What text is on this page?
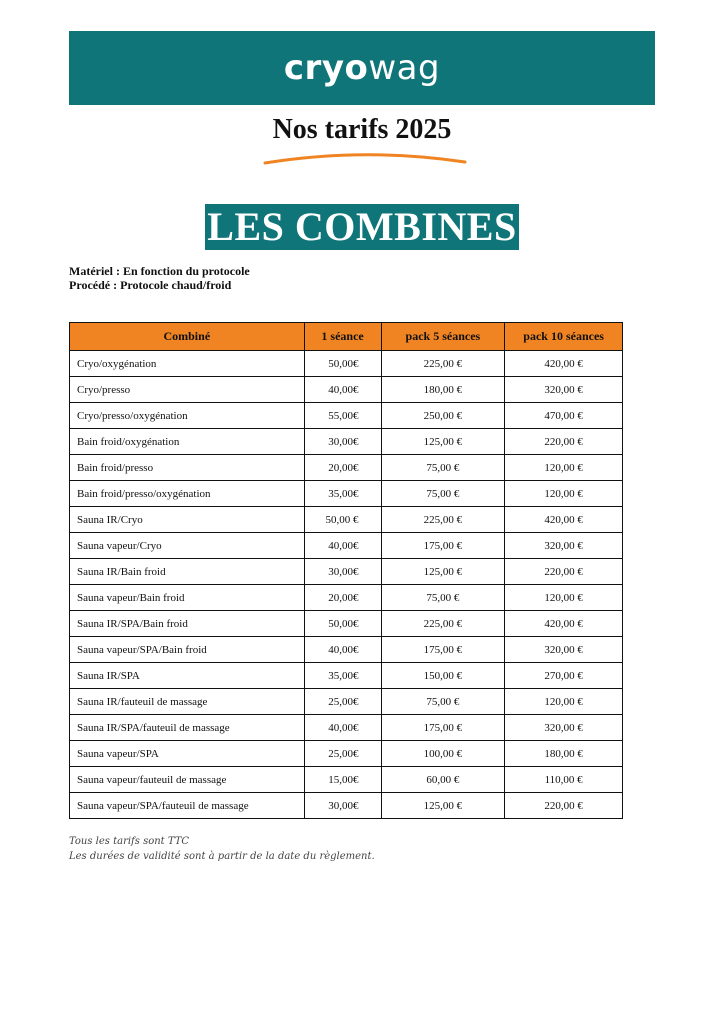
cryowag
Nos tarifs 2025
LES COMBINES
Matériel : En fonction du protocole
Procédé : Protocole chaud/froid
Combiné	1 séance	pack 5 séances	pack 10 séances
Cryo/oxygénation	50,00€	225,00 €	420,00 €
Cryo/presso	40,00€	180,00 €	320,00 €
Cryo/presso/oxygénation	55,00€	250,00 €	470,00 €
Bain froid/oxygénation	30,00€	125,00 €	220,00 €
Bain froid/presso	20,00€	75,00 €	120,00 €
Bain froid/presso/oxygénation	35,00€	75,00 €	120,00 €
Sauna IR/Cryo	50,00 €	225,00 €	420,00 €
Sauna vapeur/Cryo	40,00€	175,00 €	320,00 €
Sauna IR/Bain froid	30,00€	125,00 €	220,00 €
Sauna vapeur/Bain froid	20,00€	75,00 €	120,00 €
Sauna IR/SPA/Bain froid	50,00€	225,00 €	420,00 €
Sauna vapeur/SPA/Bain froid	40,00€	175,00 €	320,00 €
Sauna IR/SPA	35,00€	150,00 €	270,00 €
Sauna IR/fauteuil de massage	25,00€	75,00 €	120,00 €
Sauna IR/SPA/fauteuil de massage	40,00€	175,00 €	320,00 €
Sauna vapeur/SPA	25,00€	100,00 €	180,00 €
Sauna vapeur/fauteuil de massage	15,00€	60,00 €	110,00 €
Sauna vapeur/SPA/fauteuil de massage	30,00€	125,00 €	220,00 €
Tous les tarifs sont TTC
Les durées de validité sont à partir de la date du règlement.
